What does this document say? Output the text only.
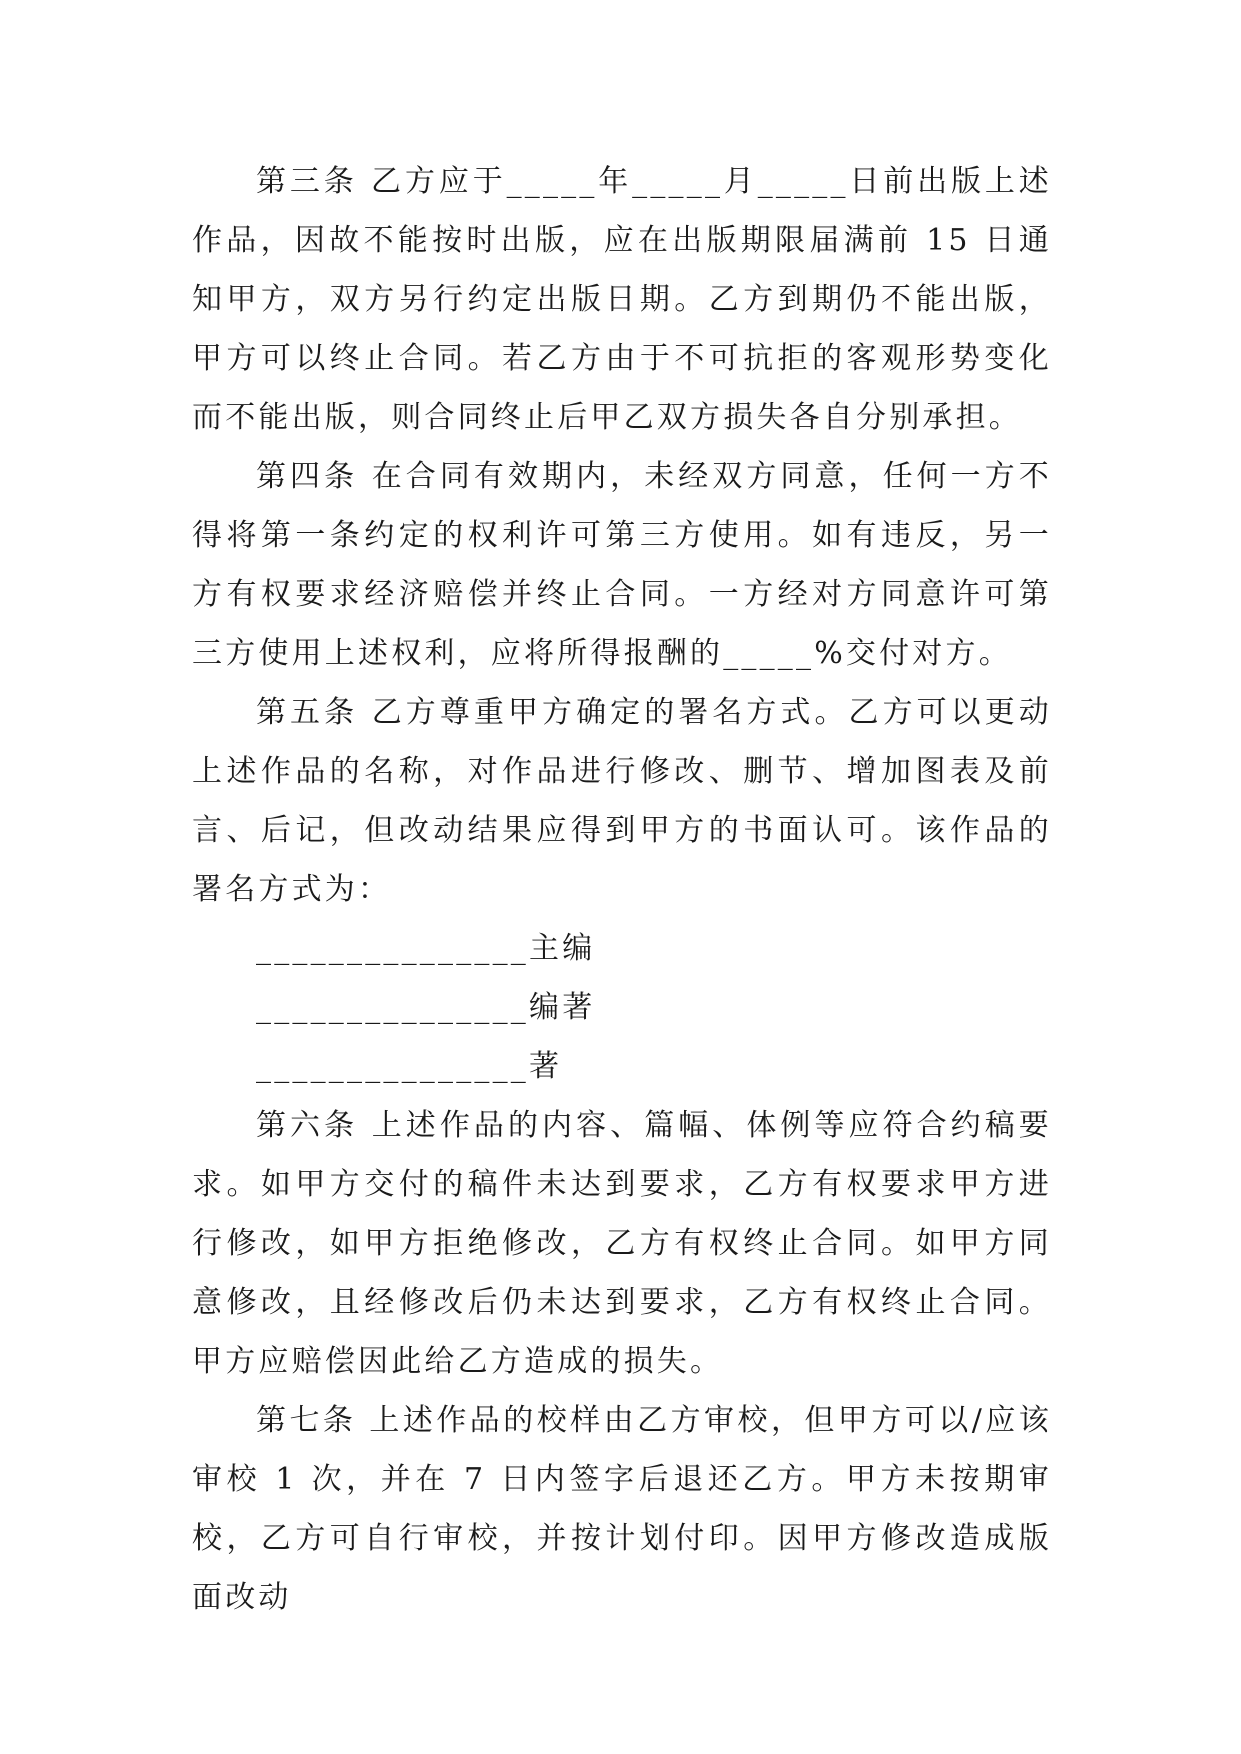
第三条 乙方应于_____年_____月_____日前出版上述作品，因故不能按时出版，应在出版期限届满前 15 日通知甲方，双方另行约定出版日期。乙方到期仍不能出版，甲方可以终止合同。若乙方由于不可抗拒的客观形势变化而不能出版，则合同终止后甲乙双方损失各自分别承担。

第四条 在合同有效期内，未经双方同意，任何一方不得将第一条约定的权利许可第三方使用。如有违反，另一方有权要求经济赔偿并终止合同。一方经对方同意许可第三方使用上述权利，应将所得报酬的_____%交付对方。

第五条 乙方尊重甲方确定的署名方式。乙方可以更动上述作品的名称，对作品进行修改、删节、增加图表及前言、后记，但改动结果应得到甲方的书面认可。该作品的署名方式为：

_______________主编

_______________编著

_______________著

第六条 上述作品的内容、篇幅、体例等应符合约稿要求。如甲方交付的稿件未达到要求，乙方有权要求甲方进行修改，如甲方拒绝修改，乙方有权终止合同。如甲方同意修改，且经修改后仍未达到要求，乙方有权终止合同。甲方应赔偿因此给乙方造成的损失。

第七条 上述作品的校样由乙方审校，但甲方可以/应该审校 1 次，并在 7 日内签字后退还乙方。甲方未按期审校，乙方可自行审校，并按计划付印。因甲方修改造成版面改动
